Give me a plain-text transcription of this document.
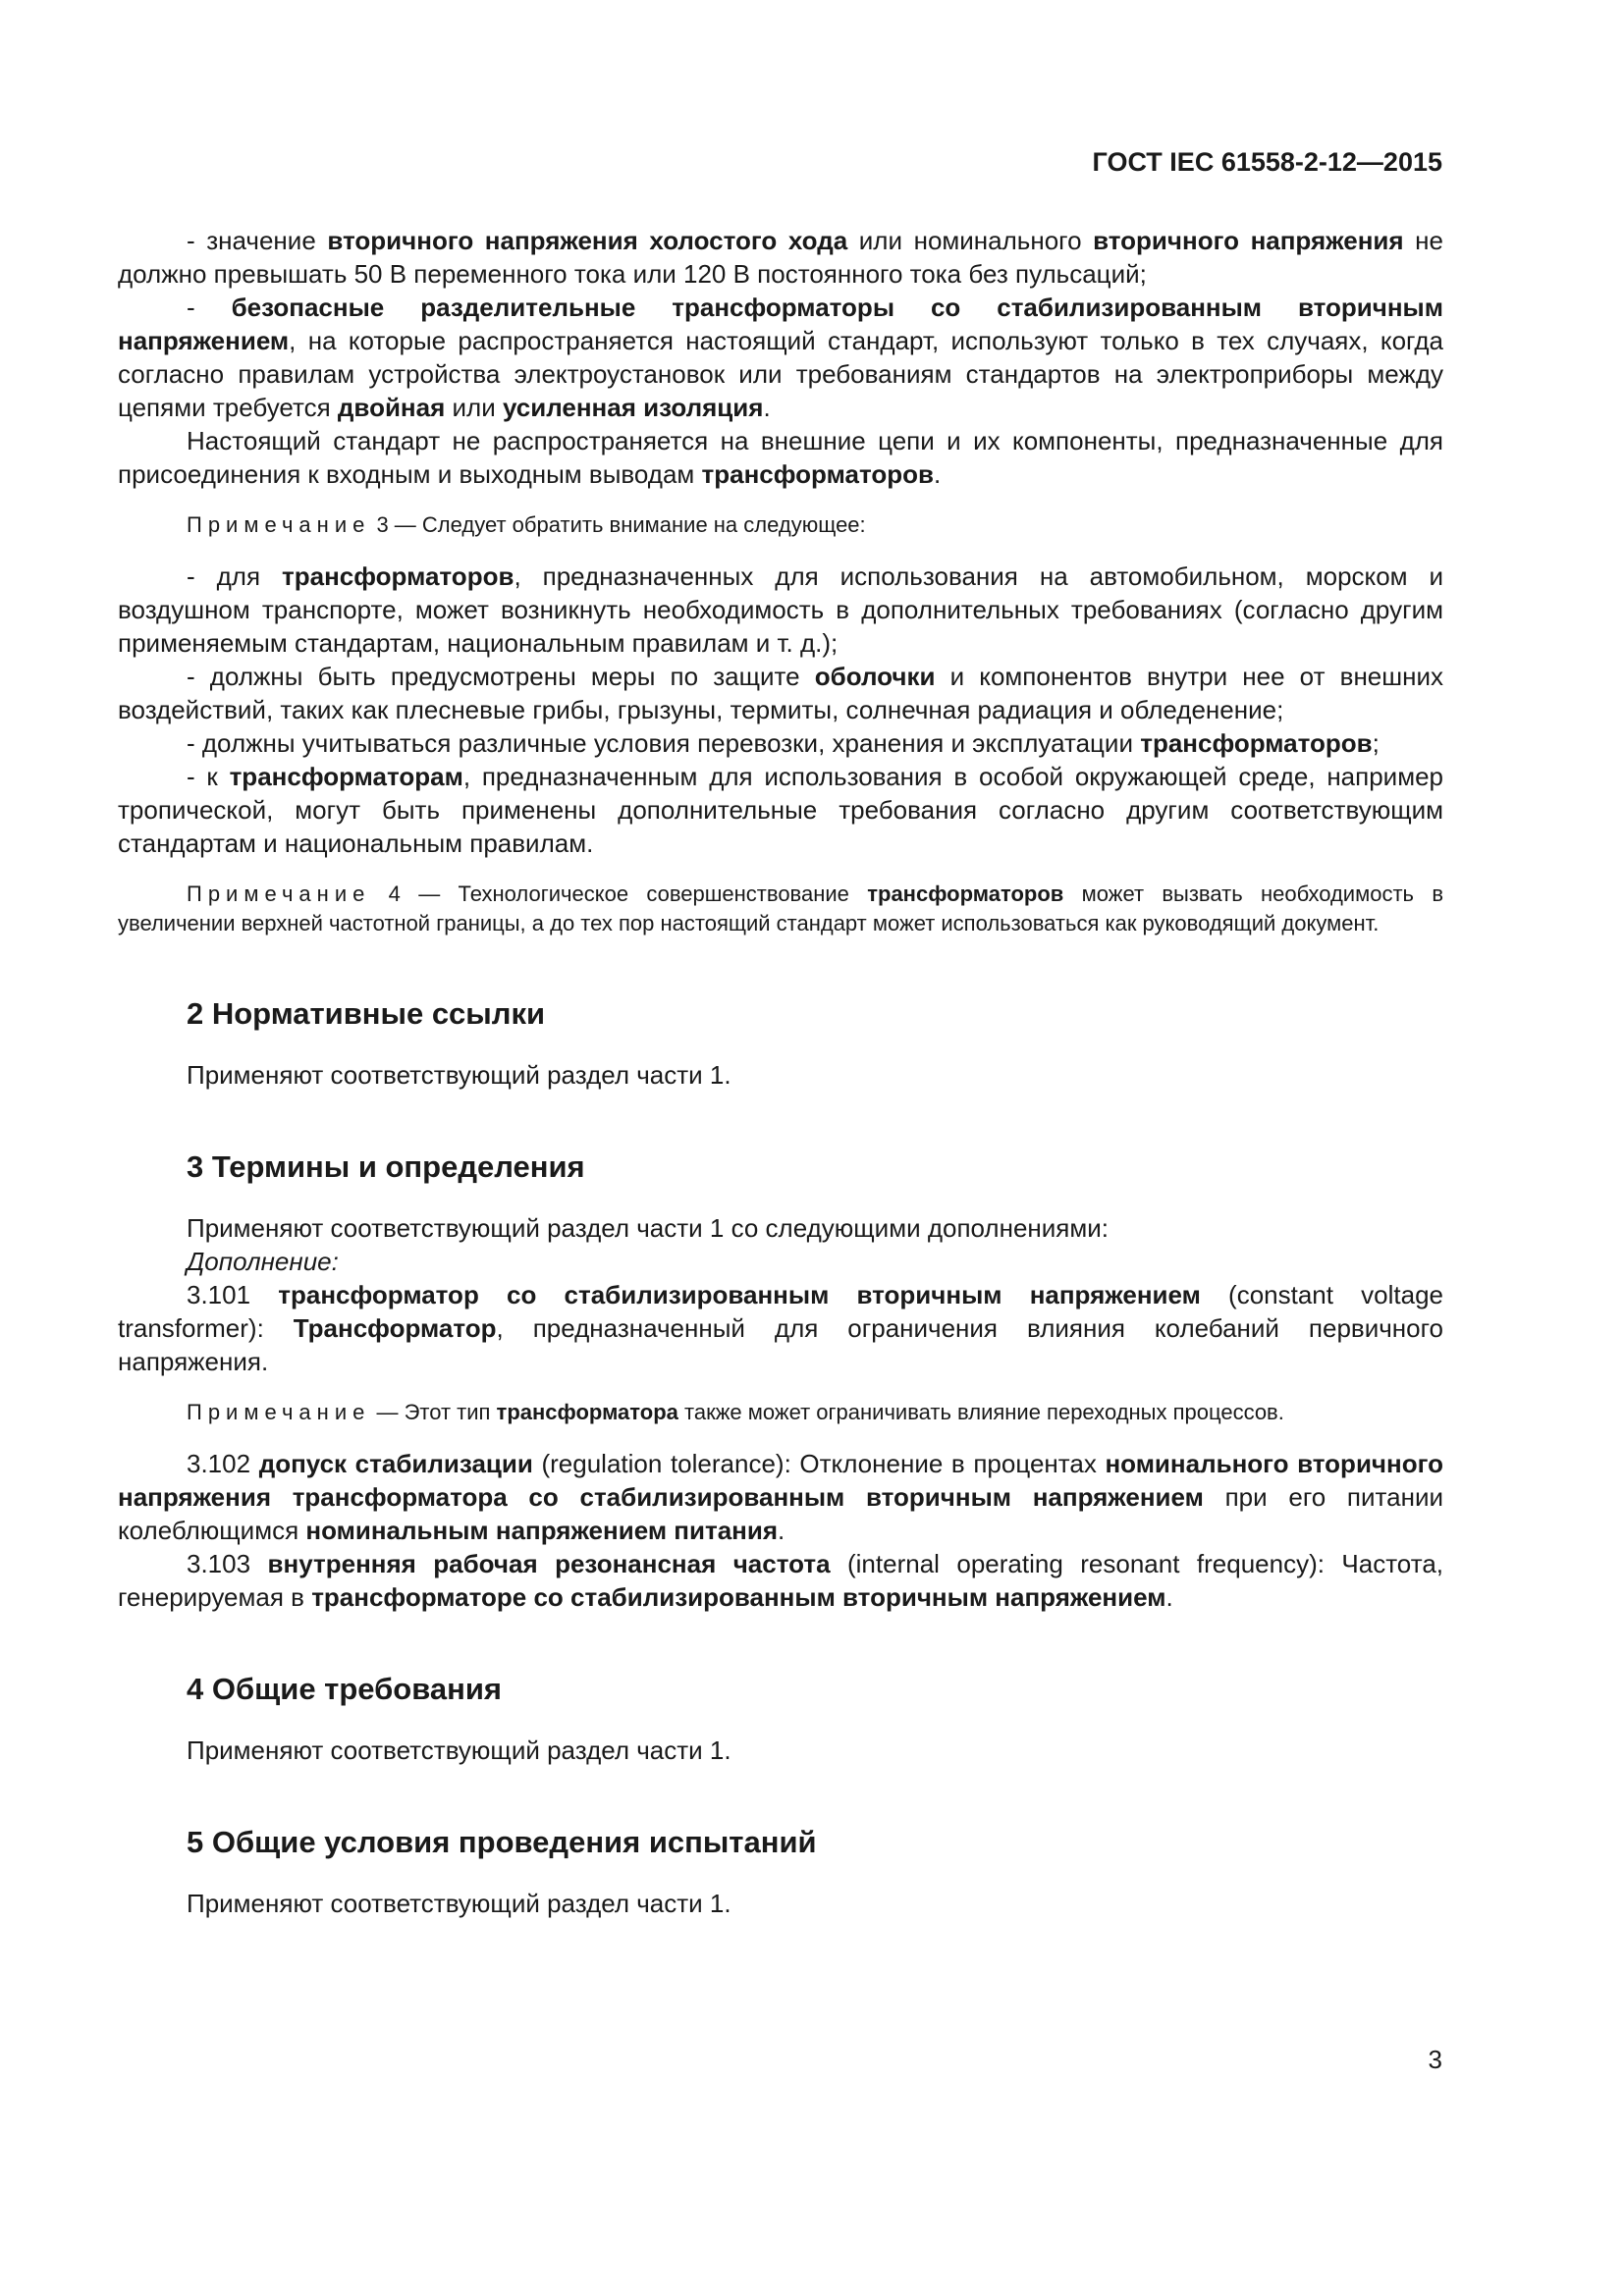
ГОСТ IEC 61558-2-12—2015

- значение вторичного напряжения холостого хода или номинального вторичного напряжения не должно превышать 50 В переменного тока или 120 В постоянного тока без пульсаций;

- безопасные разделительные трансформаторы со стабилизированным вторичным напряжением, на которые распространяется настоящий стандарт, используют только в тех случаях, когда согласно правилам устройства электроустановок или требованиям стандартов на электроприборы между цепями требуется двойная или усиленная изоляция.

Настоящий стандарт не распространяется на внешние цепи и их компоненты, предназначенные для присоединения к входным и выходным выводам трансформаторов.

Примечание 3 — Следует обратить внимание на следующее:

- для трансформаторов, предназначенных для использования на автомобильном, морском и воздушном транспорте, может возникнуть необходимость в дополнительных требованиях (согласно другим применяемым стандартам, национальным правилам и т. д.);

- должны быть предусмотрены меры по защите оболочки и компонентов внутри нее от внешних воздействий, таких как плесневые грибы, грызуны, термиты, солнечная радиация и обледенение;

- должны учитываться различные условия перевозки, хранения и эксплуатации трансформаторов;

- к трансформаторам, предназначенным для использования в особой окружающей среде, например тропической, могут быть применены дополнительные требования согласно другим соответствующим стандартам и национальным правилам.

Примечание 4 — Технологическое совершенствование трансформаторов может вызвать необходимость в увеличении верхней частотной границы, а до тех пор настоящий стандарт может использоваться как руководящий документ.

2 Нормативные ссылки

Применяют соответствующий раздел части 1.

3 Термины и определения

Применяют соответствующий раздел части 1 со следующими дополнениями:

Дополнение:

3.101 трансформатор со стабилизированным вторичным напряжением (constant voltage transformer): Трансформатор, предназначенный для ограничения влияния колебаний первичного напряжения.

Примечание — Этот тип трансформатора также может ограничивать влияние переходных процессов.

3.102 допуск стабилизации (regulation tolerance): Отклонение в процентах номинального вторичного напряжения трансформатора со стабилизированным вторичным напряжением при его питании колеблющимся номинальным напряжением питания.

3.103 внутренняя рабочая резонансная частота (internal operating resonant frequency): Частота, генерируемая в трансформаторе со стабилизированным вторичным напряжением.

4 Общие требования

Применяют соответствующий раздел части 1.

5 Общие условия проведения испытаний

Применяют соответствующий раздел части 1.

3
